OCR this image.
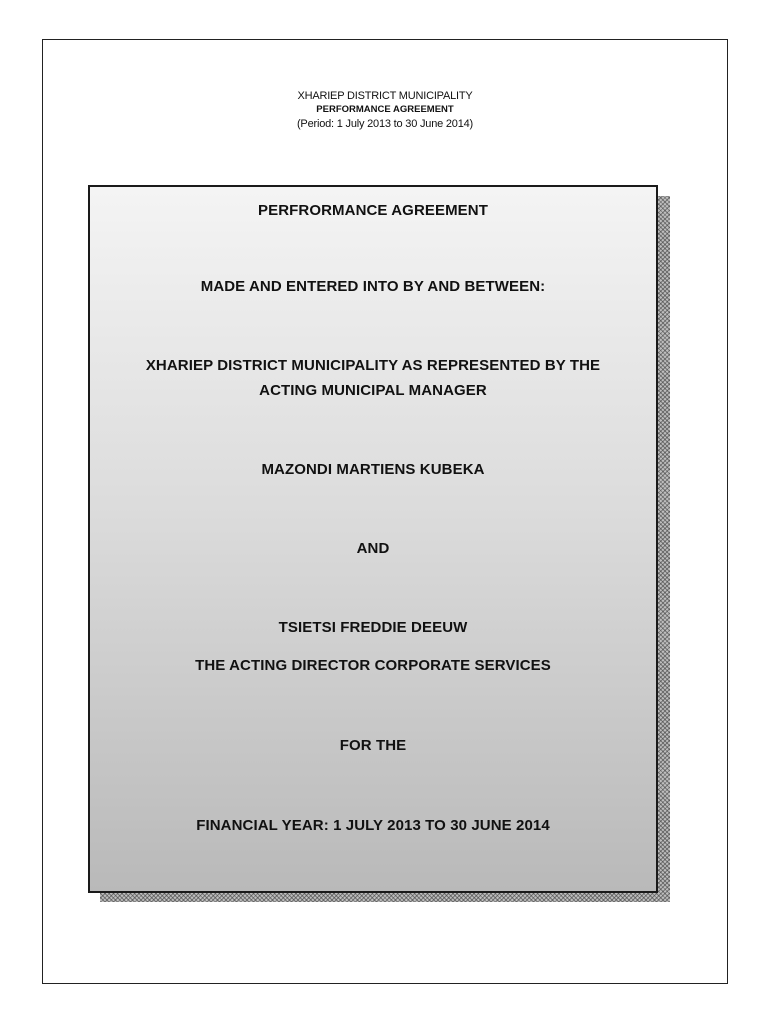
XHARIEP DISTRICT MUNICIPALITY
PERFORMANCE AGREEMENT
(Period: 1 July 2013 to 30 June 2014)
PERFRORMANCE AGREEMENT
MADE AND ENTERED INTO BY AND BETWEEN:
XHARIEP DISTRICT MUNICIPALITY AS REPRESENTED BY THE
ACTING MUNICIPAL MANAGER
MAZONDI MARTIENS KUBEKA
AND
TSIETSI FREDDIE DEEUW
THE ACTING DIRECTOR CORPORATE SERVICES
FOR THE
FINANCIAL YEAR: 1 JULY 2013 TO 30 JUNE 2014
